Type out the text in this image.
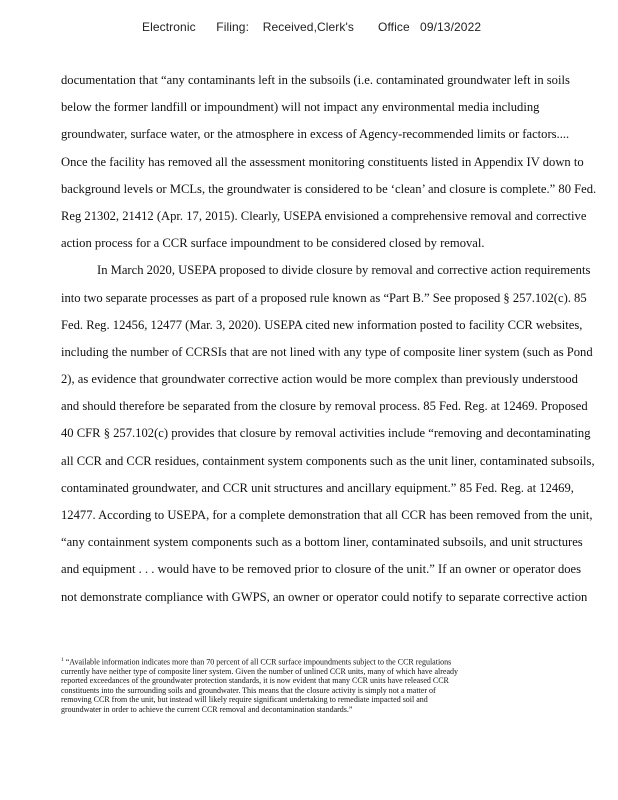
Electronic      Filing:    Received,Clerk's       Office   09/13/2022
documentation that “any contaminants left in the subsoils (i.e. contaminated groundwater left in soils
below the former landfill or impoundment) will not impact any environmental media including
groundwater, surface water, or the atmosphere in excess of Agency-recommended limits or factors....
Once the facility has removed all the assessment monitoring constituents listed in Appendix IV down to
background levels or MCLs, the groundwater is considered to be ‘clean’ and closure is complete.” 80 Fed.
Reg 21302, 21412 (Apr. 17, 2015). Clearly, USEPA envisioned a comprehensive removal and corrective
action process for a CCR surface impoundment to be considered closed by removal.
In March 2020, USEPA proposed to divide closure by removal and corrective action requirements
into two separate processes as part of a proposed rule known as “Part B.” See proposed § 257.102(c). 85
Fed. Reg. 12456, 12477 (Mar. 3, 2020). USEPA cited new information posted to facility CCR websites,
including the number of CCRSIs that are not lined with any type of composite liner system (such as Pond
2), as evidence that groundwater corrective action would be more complex than previously understood
and should therefore be separated from the closure by removal process. 85 Fed. Reg. at 12469. Proposed
40 CFR § 257.102(c) provides that closure by removal activities include “removing and decontaminating
all CCR and CCR residues, containment system components such as the unit liner, contaminated subsoils,
contaminated groundwater, and CCR unit structures and ancillary equipment.” 85 Fed. Reg. at 12469,
12477. According to USEPA, for a complete demonstration that all CCR has been removed from the unit,
“any containment system components such as a bottom liner, contaminated subsoils, and unit structures
and equipment . . . would have to be removed prior to closure of the unit.” If an owner or operator does
not demonstrate compliance with GWPS, an owner or operator could notify to separate corrective action
$^1$ “Available information indicates more than 70 percent of all CCR surface impoundments subject to the CCR regulations
currently have neither type of composite liner system. Given the number of unlined CCR units, many of which have already
reported exceedances of the groundwater protection standards, it is now evident that many CCR units have released CCR
constituents into the surrounding soils and groundwater. This means that the closure activity is simply not a matter of
removing CCR from the unit, but instead will likely require significant undertaking to remediate impacted soil and
groundwater in order to achieve the current CCR removal and decontamination standards.”
